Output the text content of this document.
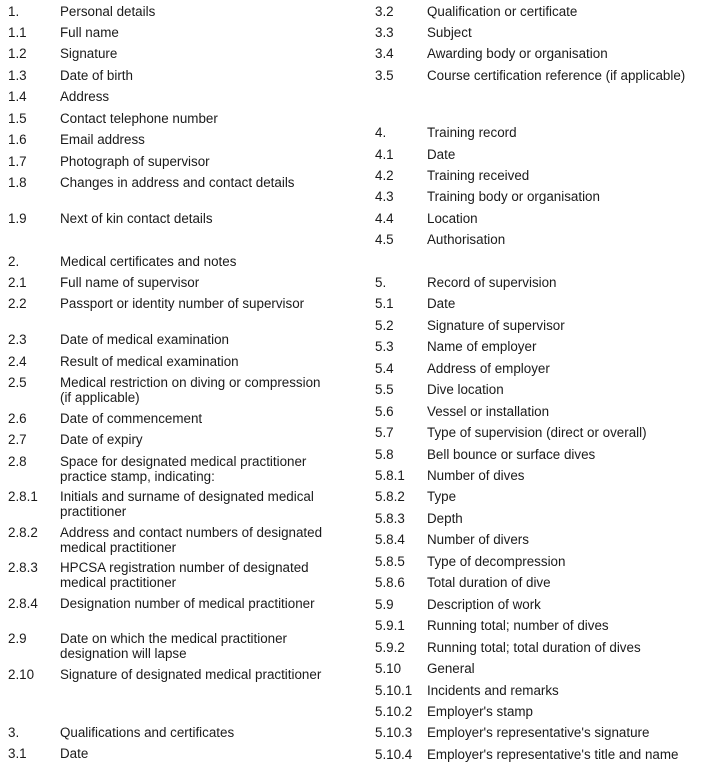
1.	Personal details
1.1	Full name
1.2	Signature
1.3	Date of birth
1.4	Address
1.5	Contact telephone number
1.6	Email address
1.7	Photograph of supervisor
1.8	Changes in address and contact details
1.9	Next of kin contact details
2.	Medical certificates and notes
2.1	Full name of supervisor
2.2	Passport or identity number of supervisor
2.3	Date of medical examination
2.4	Result of medical examination
2.5	Medical restriction on diving or compression (if applicable)
2.6	Date of commencement
2.7	Date of expiry
2.8	Space for designated medical practitioner practice stamp, indicating:
2.8.1	Initials and surname of designated medical practitioner
2.8.2	Address and contact numbers of designated medical practitioner
2.8.3	HPCSA registration number of designated medical practitioner
2.8.4	Designation number of medical practitioner
2.9	Date on which the medical practitioner designation will lapse
2.10	Signature of designated medical practitioner
3.	Qualifications and certificates
3.1	Date
3.2	Qualification or certificate
3.3	Subject
3.4	Awarding body or organisation
3.5	Course certification reference (if applicable)
4.	Training record
4.1	Date
4.2	Training received
4.3	Training body or organisation
4.4	Location
4.5	Authorisation
5.	Record of supervision
5.1	Date
5.2	Signature of supervisor
5.3	Name of employer
5.4	Address of employer
5.5	Dive location
5.6	Vessel or installation
5.7	Type of supervision (direct or overall)
5.8	Bell bounce or surface dives
5.8.1	Number of dives
5.8.2	Type
5.8.3	Depth
5.8.4	Number of divers
5.8.5	Type of decompression
5.8.6	Total duration of dive
5.9	Description of work
5.9.1	Running total; number of dives
5.9.2	Running total; total duration of dives
5.10	General
5.10.1	Incidents and remarks
5.10.2	Employer's stamp
5.10.3	Employer's representative's signature
5.10.4	Employer's representative's title and name
